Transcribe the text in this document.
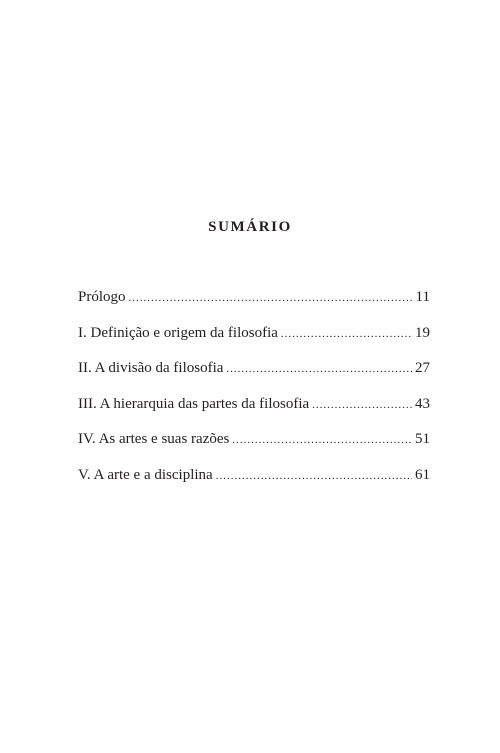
SUMÁRIO
Prólogo .....	11
I. Definição e origem da filosofia .....	19
II. A divisão da filosofia .....	27
III. A hierarquia das partes da filosofia .....	43
IV. As artes e suas razões .....	51
V. A arte e a disciplina .....	61
